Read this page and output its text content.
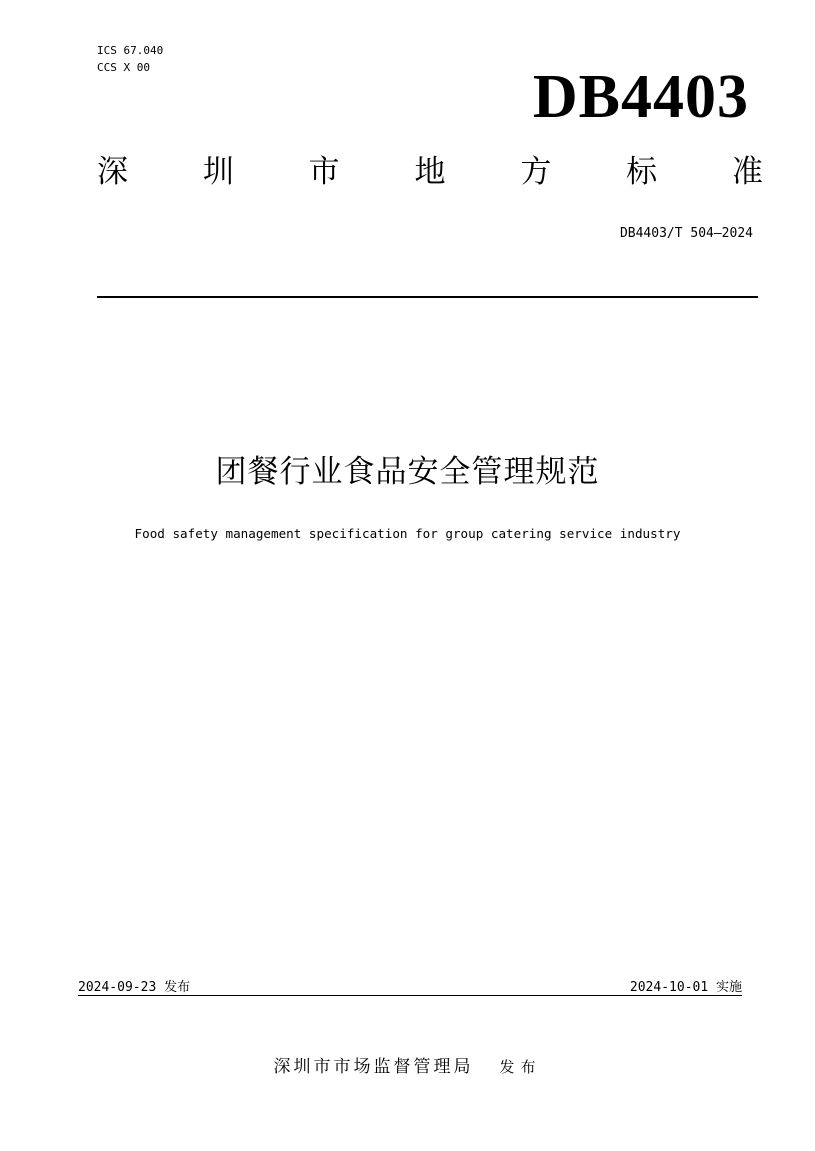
ICS 67.040
CCS X 00	DB4403
深 圳 市 地 方 标 准
DB4403/T 504—2024
团餐行业食品安全管理规范
Food safety management specification for group catering service industry
2024-09-23 发布	2024-10-01 实施
深圳市市场监督管理局 发布
